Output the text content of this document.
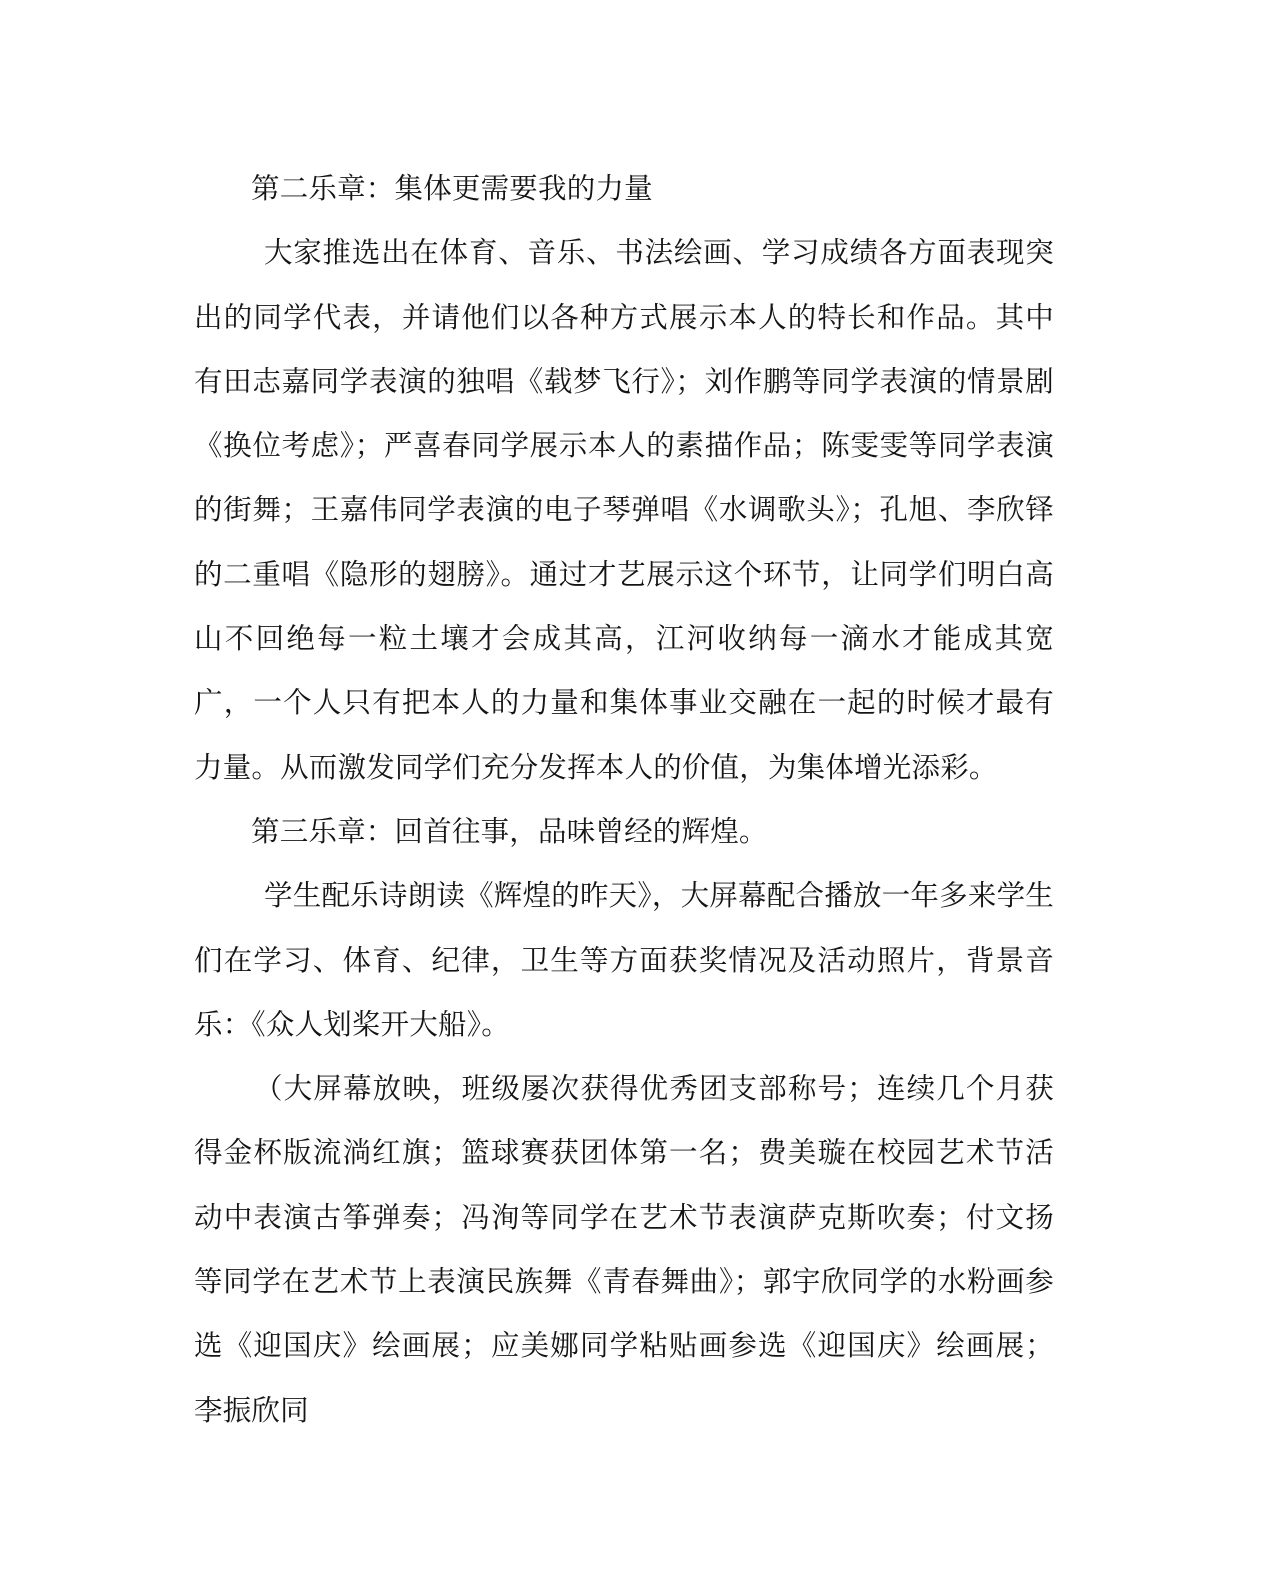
第二乐章：集体更需要我的力量

大家推选出在体育、音乐、书法绘画、学习成绩各方面表现突出的同学代表，并请他们以各种方式展示本人的特长和作品。其中有田志嘉同学表演的独唱《载梦飞行》；刘作鹏等同学表演的情景剧《换位考虑》；严喜春同学展示本人的素描作品；陈雯雯等同学表演的街舞；王嘉伟同学表演的电子琴弹唱《水调歌头》；孔旭、李欣铎的二重唱《隐形的翅膀》。通过才艺展示这个环节，让同学们明白高山不回绝每一粒土壤才会成其高，江河收纳每一滴水才能成其宽广，一个人只有把本人的力量和集体事业交融在一起的时候才最有力量。从而激发同学们充分发挥本人的价值，为集体增光添彩。

第三乐章：回首往事，品味曾经的辉煌。

学生配乐诗朗读《辉煌的昨天》，大屏幕配合播放一年多来学生们在学习、体育、纪律，卫生等方面获奖情况及活动照片，背景音乐：《众人划桨开大船》。

（大屏幕放映，班级屡次获得优秀团支部称号；连续几个月获得金杯版流淌红旗；篮球赛获团体第一名；费美璇在校园艺术节活动中表演古筝弹奏；冯洵等同学在艺术节表演萨克斯吹奏；付文扬等同学在艺术节上表演民族舞《青春舞曲》；郭宇欣同学的水粉画参选《迎国庆》绘画展；应美娜同学粘贴画参选《迎国庆》绘画展；李振欣同
